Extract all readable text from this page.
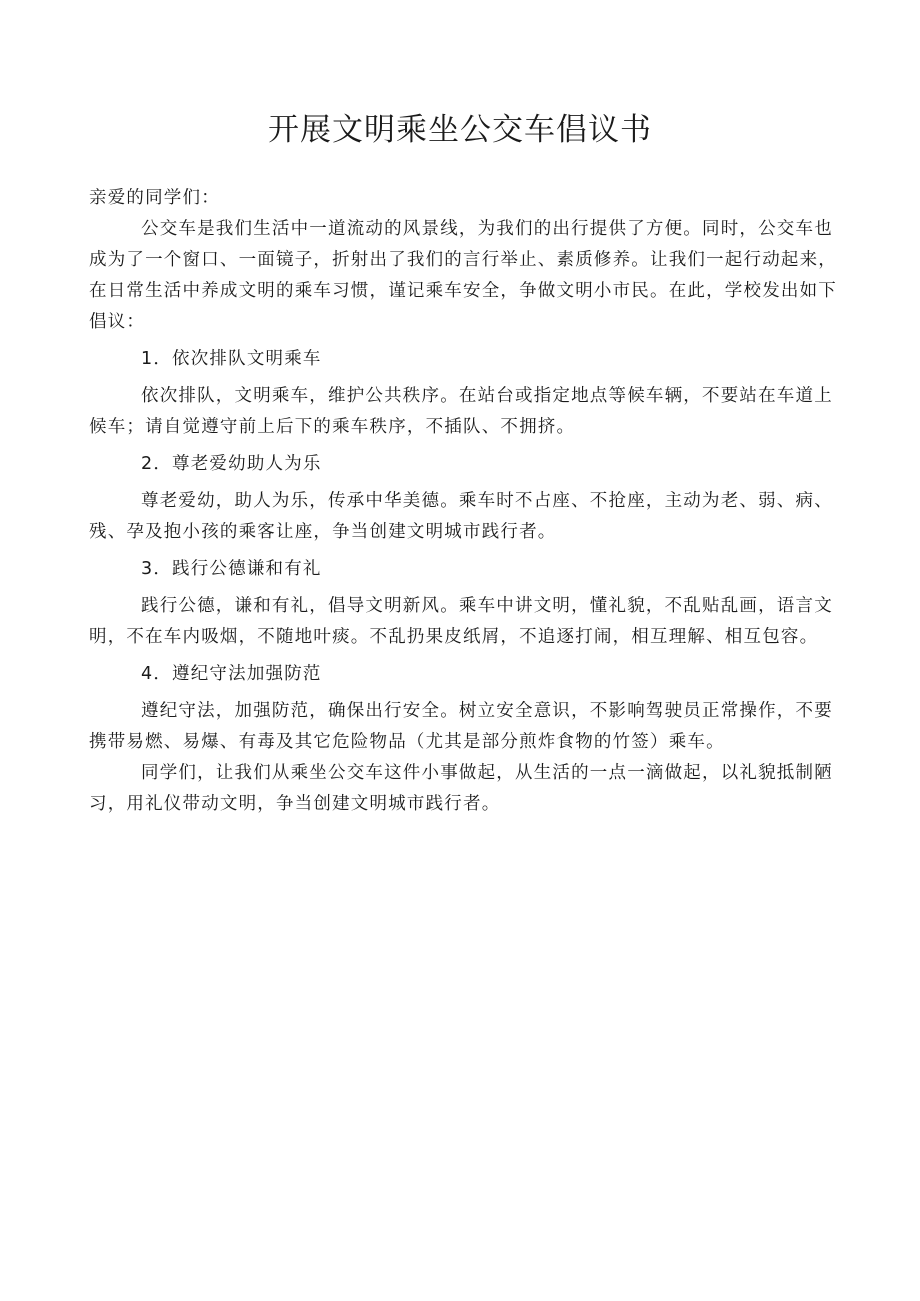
开展文明乘坐公交车倡议书

亲爱的同学们：

公交车是我们生活中一道流动的风景线，为我们的出行提供了方便。同时，公交车也成为了一个窗口、一面镜子，折射出了我们的言行举止、素质修养。让我们一起行动起来，在日常生活中养成文明的乘车习惯，谨记乘车安全，争做文明小市民。在此，学校发出如下倡议：

1．依次排队文明乘车

依次排队，文明乘车，维护公共秩序。在站台或指定地点等候车辆，不要站在车道上候车；请自觉遵守前上后下的乘车秩序，不插队、不拥挤。

2．尊老爱幼助人为乐

尊老爱幼，助人为乐，传承中华美德。乘车时不占座、不抢座，主动为老、弱、病、残、孕及抱小孩的乘客让座，争当创建文明城市践行者。

3．践行公德谦和有礼

践行公德，谦和有礼，倡导文明新风。乘车中讲文明，懂礼貌，不乱贴乱画，语言文明，不在车内吸烟，不随地叶痰。不乱扔果皮纸屑，不追逐打闹，相互理解、相互包容。

4．遵纪守法加强防范

遵纪守法，加强防范，确保出行安全。树立安全意识，不影响驾驶员正常操作，不要携带易燃、易爆、有毒及其它危险物品（尤其是部分煎炸食物的竹签）乘车。

同学们，让我们从乘坐公交车这件小事做起，从生活的一点一滴做起，以礼貌抵制陋习，用礼仪带动文明，争当创建文明城市践行者。
